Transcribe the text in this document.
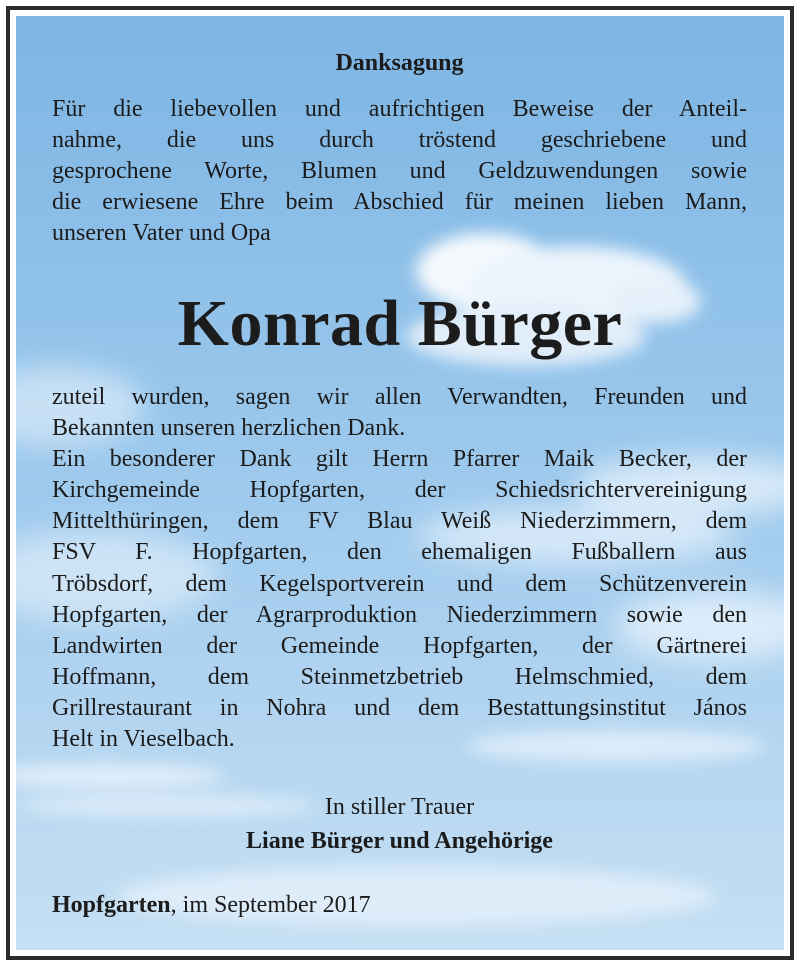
Danksagung
Für die liebevollen und aufrichtigen Beweise der Anteil-
nahme, die uns durch tröstend geschriebene und
gesprochene Worte, Blumen und Geldzuwendungen sowie
die erwiesene Ehre beim Abschied für meinen lieben Mann,
unseren Vater und Opa
Konrad Bürger
zuteil wurden, sagen wir allen Verwandten, Freunden und
Bekannten unseren herzlichen Dank.
Ein besonderer Dank gilt Herrn Pfarrer Maik Becker, der
Kirchgemeinde Hopfgarten, der Schiedsrichtervereinigung
Mittelthüringen, dem FV Blau Weiß Niederzimmern, dem
FSV F. Hopfgarten, den ehemaligen Fußballern aus
Tröbsdorf, dem Kegelsportverein und dem Schützenverein
Hopfgarten, der Agrarproduktion Niederzimmern sowie den
Landwirten der Gemeinde Hopfgarten, der Gärtnerei
Hoffmann, dem Steinmetzbetrieb Helmschmied, dem
Grillrestaurant in Nohra und dem Bestattungsinstitut János
Helt in Vieselbach.
In stiller Trauer
Liane Bürger und Angehörige
Hopfgarten, im September 2017
